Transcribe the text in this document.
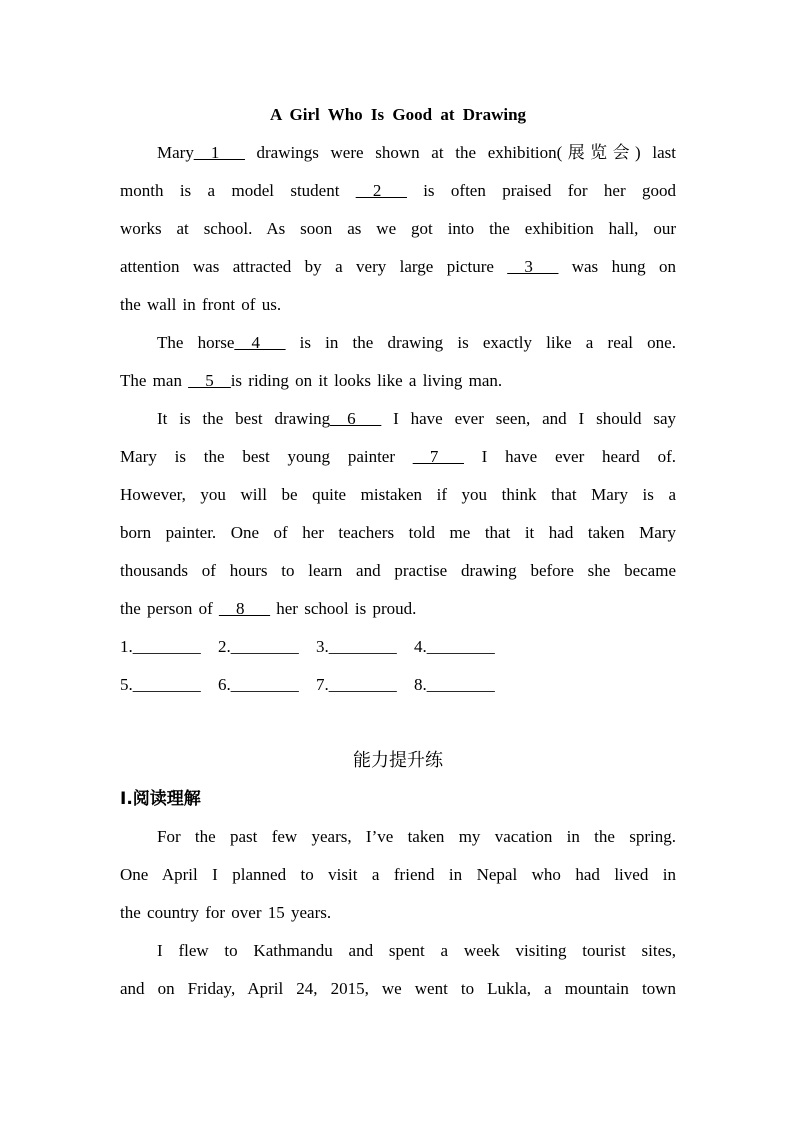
A Girl Who Is Good at Drawing
Mary__1___ drawings were shown at the exhibition(展览会) last
month is a model student __2___ is often praised for her good
works at school. As soon as we got into the exhibition hall, our
attention was attracted by a very large picture __3___ was hung on
the wall in front of us.
The horse__4___ is in the drawing is exactly like a real one.
The man __5__is riding on it looks like a living man.
It is the best drawing__6___ I have ever seen, and I should say
Mary is the best young painter __7___ I have ever heard of.
However, you will be quite mistaken if you think that Mary is a
born painter. One of her teachers told me that it had taken Mary
thousands of hours to learn and practise drawing before she became
the person of __8___ her school is proud.
1.________ 2.________ 3.________ 4.________
5.________ 6.________ 7.________ 8.________
能力提升练
Ⅰ.阅读理解
For the past few years, I’ve taken my vacation in the spring.
One April I planned to visit a friend in Nepal who had lived in
the country for over 15 years.
I flew to Kathmandu and spent a week visiting tourist sites,
and on Friday, April 24, 2015, we went to Lukla, a mountain town
